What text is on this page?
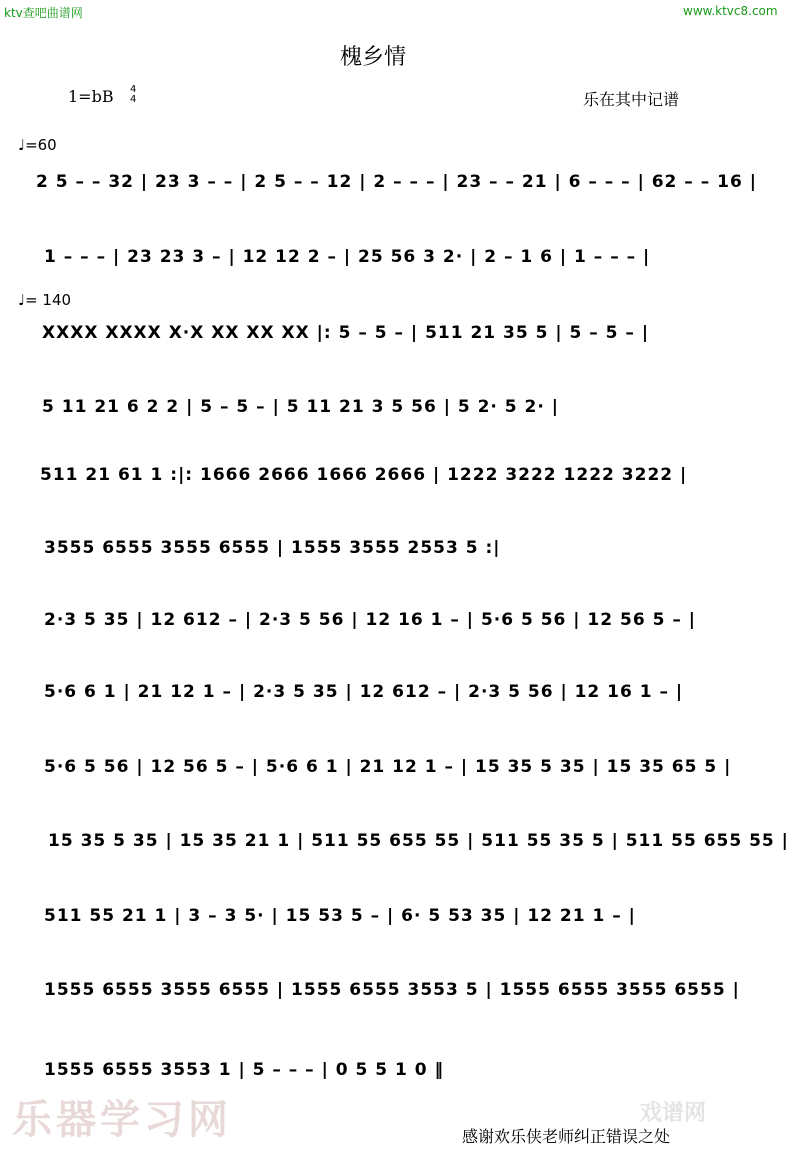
ktv查吧曲谱网	www.ktvc8.com
槐乡情
1=bB 4
4	乐在其中记谱
♩=60
♩= 140
2 5 – – 32 | 23 3 – – | 2 5 – – 12 | 2 – – – | 23 – – 21 | 6 – – – | 62 – – 16 |
1 – – – | 23 23 3 – | 12 12 2 – | 25 56 3 2· | 2 – 1 6 | 1 – – – |
XXXX XXXX X·X XX XX XX |: 5 – 5 – | 511 21 35 5 | 5 – 5 – |
5 11 21 6 2 2 | 5 – 5 – | 5 11 21 3 5 56 | 5 2· 5 2· |
511 21 61 1 :|: 1666 2666 1666 2666 | 1222 3222 1222 3222 |
3555 6555 3555 6555 | 1555 3555 2553 5 :|
2·3 5 35 | 12 612 – | 2·3 5 56 | 12 16 1 – | 5·6 5 56 | 12 56 5 – |
5·6 6 1 | 21 12 1 – | 2·3 5 35 | 12 612 – | 2·3 5 56 | 12 16 1 – |
5·6 5 56 | 12 56 5 – | 5·6 6 1 | 21 12 1 – | 15 35 5 35 | 15 35 65 5 |
15 35 5 35 | 15 35 21 1 | 511 55 655 55 | 511 55 35 5 | 511 55 655 55 |
511 55 21 1 | 3 – 3 5· | 15 53 5 – | 6· 5 53 35 | 12 21 1 – |
1555 6555 3555 6555 | 1555 6555 3553 5 | 1555 6555 3555 6555 |
1555 6555 3553 1 | 5 – – – | 0 5 5 1 0 ‖
乐器学习网	戏谱网
感谢欢乐侠老师纠正错误之处
